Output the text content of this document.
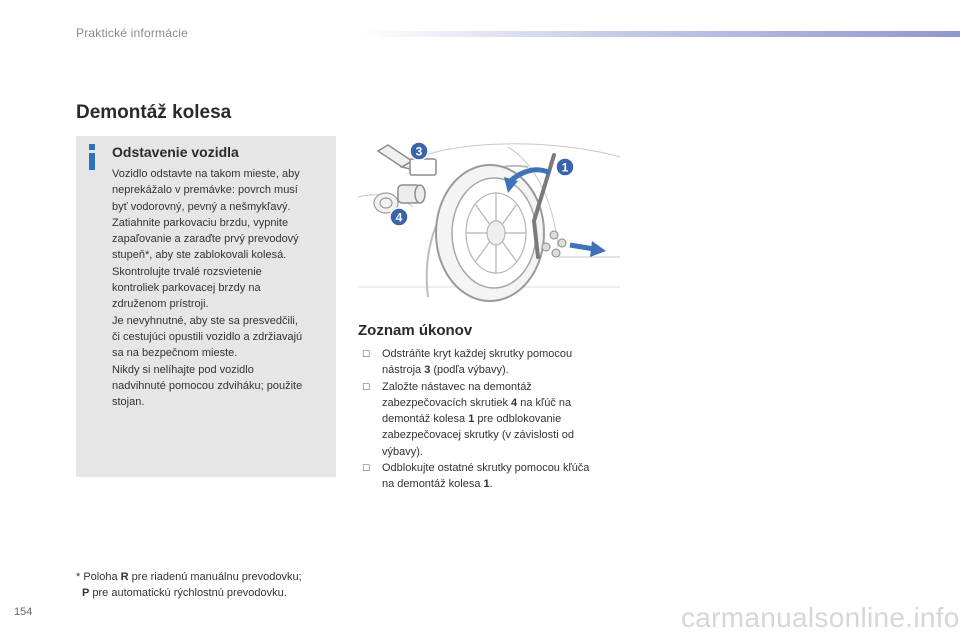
Praktické informácie
Demontáž kolesa
Odstavenie vozidla

Vozidlo odstavte na takom mieste, aby

neprekážalo v premávke: povrch musí

byť vodorovný, pevný a nešmykľavý.

Zatiahnite parkovaciu brzdu, vypnite

zapaľovanie a zaraďte prvý prevodový

stupeň*, aby ste zablokovali kolesá.

Skontrolujte trvalé rozsvietenie

kontroliek parkovacej brzdy na

združenom prístroji.

Je nevyhnutné, aby ste sa presvedčili,

či cestujúci opustili vozidlo a zdržiavajú

sa na bezpečnom mieste.

Nikdy si nelíhajte pod vozidlo

nadvihnuté pomocou zdviháku; použite

stojan.

1
3
4
Zoznam úkonov
☐ Odstráňte kryt každej skrutky pomocou
nástroja 3 (podľa výbavy).
☐ Založte nástavec na demontáž
zabezpečovacích skrutiek 4 na kľúč na
demontáž kolesa 1 pre odblokovanie
zabezpečovacej skrutky (v závislosti od
výbavy).
☐ Odblokujte ostatné skrutky pomocou kľúča
na demontáž kolesa 1.
* Poloha R pre riadenú manuálnu prevodovku;
P pre automatickú rýchlostnú prevodovku.
154	carmanualsonline.info
